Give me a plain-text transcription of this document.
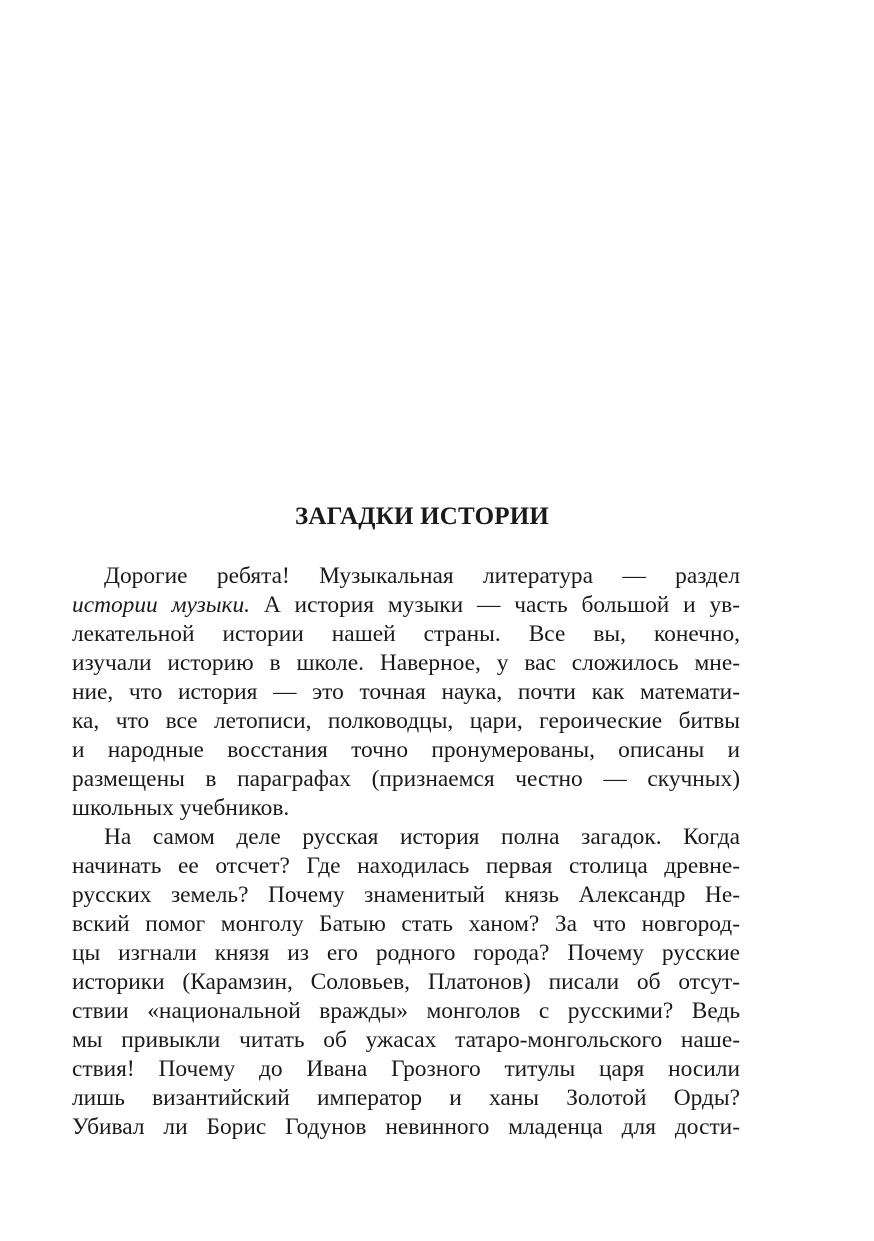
ЗАГАДКИ ИСТОРИИ
Дорогие ребята! Музыкальная литература — раздел
истории музыки. А история музыки — часть большой и ув-
лекательной истории нашей страны. Все вы, конечно,
изучали историю в школе. Наверное, у вас сложилось мне-
ние, что история — это точная наука, почти как математи-
ка, что все летописи, полководцы, цари, героические битвы
и народные восстания точно пронумерованы, описаны и
размещены в параграфах (признаемся честно — скучных)
школьных учебников.
На самом деле русская история полна загадок. Когда
начинать ее отсчет? Где находилась первая столица древне-
русских земель? Почему знаменитый князь Александр Не-
вский помог монголу Батыю стать ханом? За что новгород-
цы изгнали князя из его родного города? Почему русские
историки (Карамзин, Соловьев, Платонов) писали об отсут-
ствии «национальной вражды» монголов с русскими? Ведь
мы привыкли читать об ужасах татаро-монгольского наше-
ствия! Почему до Ивана Грозного титулы царя носили
лишь византийский император и ханы Золотой Орды?
Убивал ли Борис Годунов невинного младенца для дости-
